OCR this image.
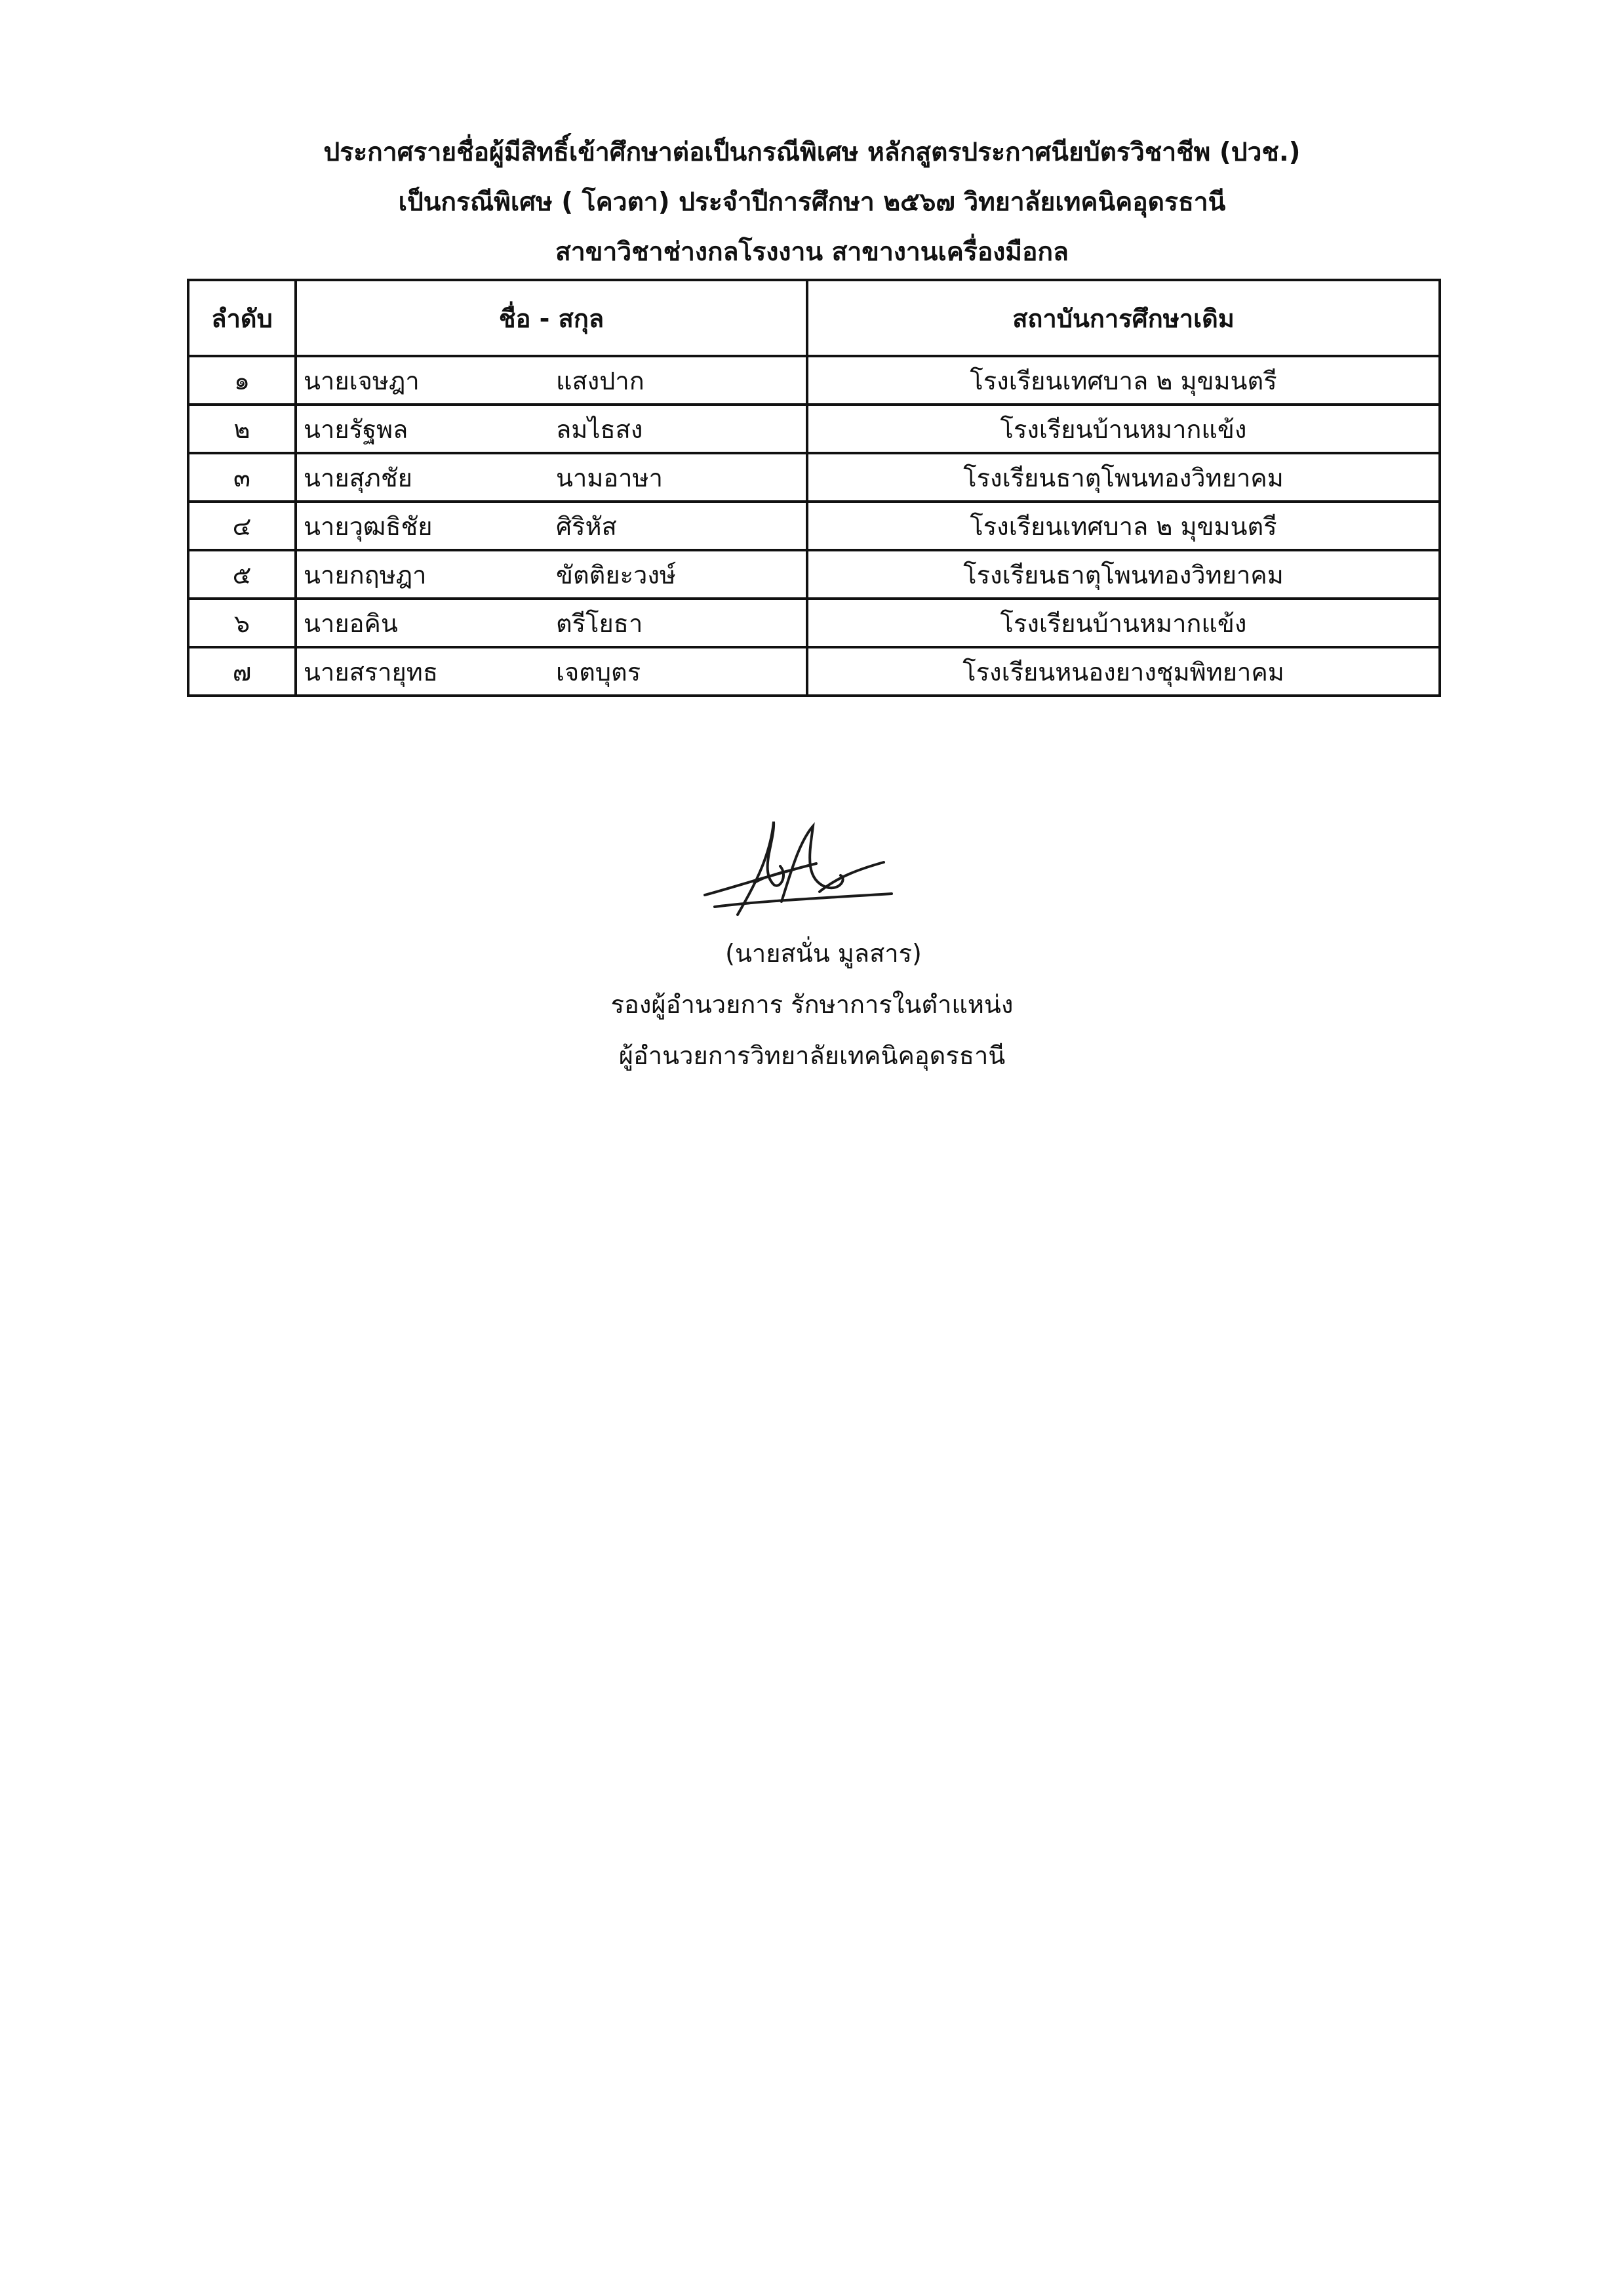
ประกาศรายชื่อผู้มีสิทธิ์เข้าศึกษาต่อเป็นกรณีพิเศษ หลักสูตรประกาศนียบัตรวิชาชีพ (ปวช.)
เป็นกรณีพิเศษ ( โควตา) ประจำปีการศึกษา ๒๕๖๗ วิทยาลัยเทคนิคอุดรธานี
สาขาวิชาช่างกลโรงงาน สาขางานเครื่องมือกล
ลำดับ	ชื่อ - สกุล	สถาบันการศึกษาเดิม
๑	นายเจษฎา แสงปาก	โรงเรียนเทศบาล ๒ มุขมนตรี
๒	นายรัฐพล ลมไธสง	โรงเรียนบ้านหมากแข้ง
๓	นายสุภชัย นามอาษา	โรงเรียนธาตุโพนทองวิทยาคม
๔	นายวุฒธิชัย ศิริหัส	โรงเรียนเทศบาล ๒ มุขมนตรี
๕	นายกฤษฎา ขัตติยะวงษ์	โรงเรียนธาตุโพนทองวิทยาคม
๖	นายอคิน ตรีโยธา	โรงเรียนบ้านหมากแข้ง
๗	นายสรายุทธ เจตบุตร	โรงเรียนหนองยางชุมพิทยาคม
(นายสนั่น มูลสาร)
รองผู้อำนวยการ รักษาการในตำแหน่ง
ผู้อำนวยการวิทยาลัยเทคนิคอุดรธานี
